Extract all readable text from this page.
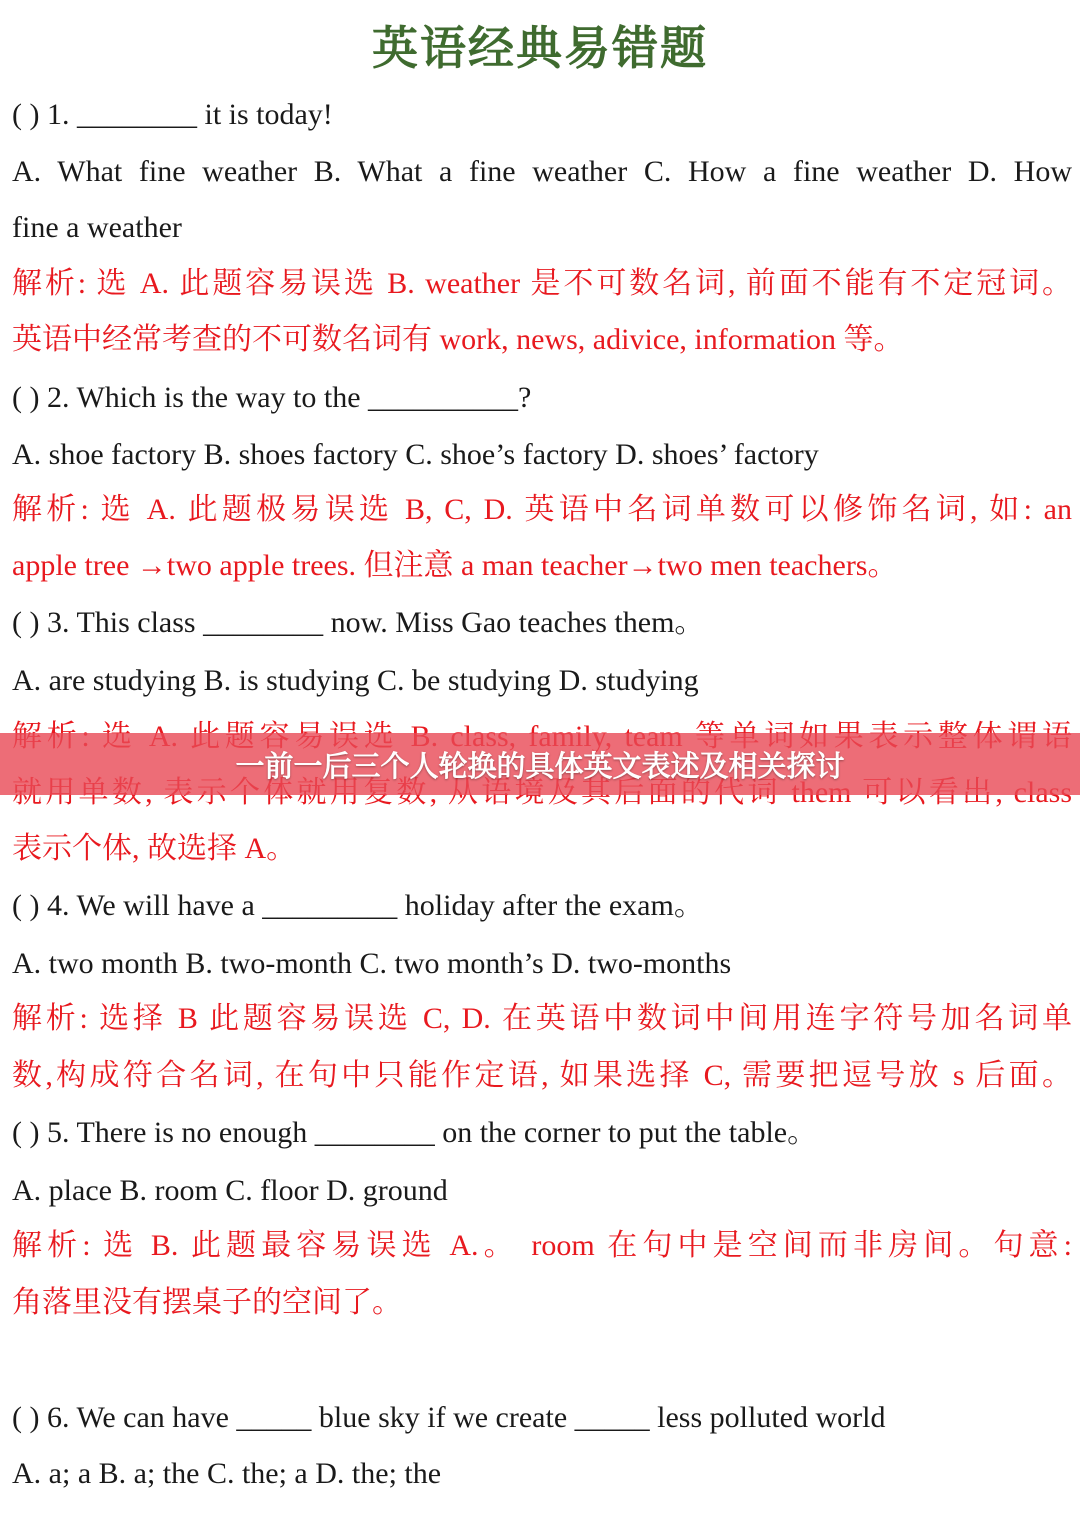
英语经典易错题
( ) 1. ________ it is today!
A. What fine weather B. What a fine weather C. How a fine weather D. How
fine a weather
解析: 选 A. 此题容易误选 B. weather 是不可数名词, 前面不能有不定冠词。
英语中经常考查的不可数名词有 work, news, adivice, information 等。
( ) 2. Which is the way to the __________?
A. shoe factory B. shoes factory C. shoe’s factory D. shoes’ factory
解析: 选 A. 此题极易误选 B, C, D. 英语中名词单数可以修饰名词, 如: an
apple tree →two apple trees. 但注意 a man teacher→two men teachers。
( ) 3. This class ________ now. Miss Gao teaches them。
A. are studying B. is studying C. be studying D. studying
表示个体, 故选择 A。
( ) 4. We will have a _________ holiday after the exam。
A. two month B. two-month C. two month’s D. two-months
解析: 选择 B 此题容易误选 C, D. 在英语中数词中间用连字符号加名词单
数,构成符合名词, 在句中只能作定语, 如果选择 C, 需要把逗号放 s 后面。
( ) 5. There is no enough ________ on the corner to put the table。
A. place B. room C. floor D. ground
解析: 选 B. 此题最容易误选 A.。 room 在句中是空间而非房间。句意:
角落里没有摆桌子的空间了。
( ) 6. We can have _____ blue sky if we create _____ less polluted world
A. a; a B. a; the C. the; a D. the; the
一前一后三个人轮换的具体英文表述及相关探讨
